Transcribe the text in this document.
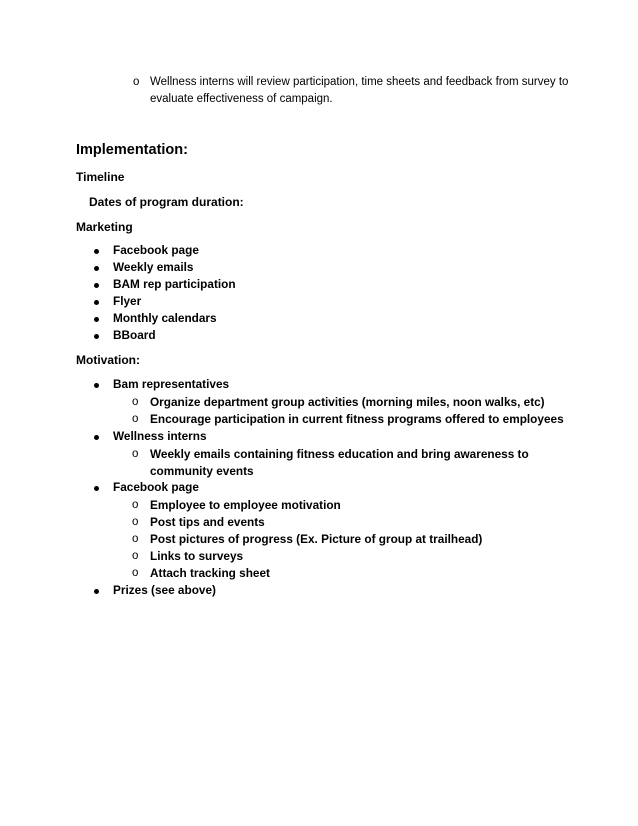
o Wellness interns will review participation, time sheets and feedback from survey to evaluate effectiveness of campaign.
Implementation:
Timeline
Dates of program duration:
Marketing
Facebook page
Weekly emails
BAM rep participation
Flyer
Monthly calendars
BBoard
Motivation:
Bam representatives
o Organize department group activities (morning miles, noon walks, etc)
o Encourage participation in current fitness programs offered to employees
Wellness interns
o Weekly emails containing fitness education and bring awareness to community events
Facebook page
o Employee to employee motivation
o Post tips and events
o Post pictures of progress (Ex. Picture of group at trailhead)
o Links to surveys
o Attach tracking sheet
Prizes (see above)
